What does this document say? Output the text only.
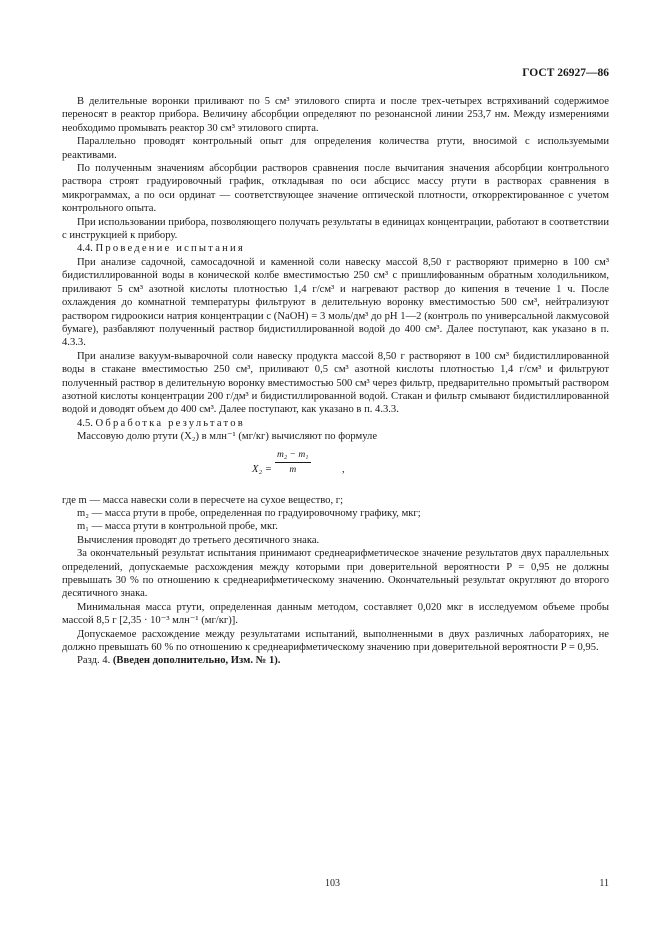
ГОСТ 26927—86

В делительные воронки приливают по 5 см³ этилового спирта и после трех-четырех встряхиваний содержимое переносят в реактор прибора. Величину абсорбции определяют по резонансной линии 253,7 нм. Между измерениями необходимо промывать реактор 30 см³ этилового спирта.

Параллельно проводят контрольный опыт для определения количества ртути, вносимой с используемыми реактивами.

По полученным значениям абсорбции растворов сравнения после вычитания значения абсорбции контрольного раствора строят градуировочный график, откладывая по оси абсцисс массу ртути в растворах сравнения в микрограммах, а по оси ординат — соответствующее значение оптической плотности, откорректированное с учетом контрольного опыта.

При использовании прибора, позволяющего получать результаты в единицах концентрации, работают в соответствии с инструкцией к прибору.

4.4. Проведение испытания

При анализе садочной, самосадочной и каменной соли навеску массой 8,50 г растворяют примерно в 100 см³ бидистиллированной воды в конической колбе вместимостью 250 см³ с пришлифованным обратным холодильником, приливают 5 см³ азотной кислоты плотностью 1,4 г/см³ и нагревают раствор до кипения в течение 1 ч. После охлаждения до комнатной температуры фильтруют в делительную воронку вместимостью 500 см³, нейтрализуют раствором гидроокиси натрия концентрации с (NaOH) = 3 моль/дм³ до pH 1—2 (контроль по универсальной лакмусовой бумаге), разбавляют полученный раствор бидистиллированной водой до 400 см³. Далее поступают, как указано в п. 4.3.3.

При анализе вакуум-выварочной соли навеску продукта массой 8,50 г растворяют в 100 см³ бидистиллированной воды в стакане вместимостью 250 см³, приливают 0,5 см³ азотной кислоты плотностью 1,4 г/см³ и фильтруют полученный раствор в делительную воронку вместимостью 500 см³ через фильтр, предварительно промытый раствором азотной кислоты концентрации 200 г/дм³ и бидистиллированной водой. Стакан и фильтр смывают бидистиллированной водой и доводят объем до 400 см³. Далее поступают, как указано в п. 4.3.3.

4.5. Обработка результатов

Массовую долю ртути (X₂) в млн⁻¹ (мг/кг) вычисляют по формуле

$X_2 = \frac{\text{m₂ − m₁}}{m}$	,

где m — масса навески соли в пересчете на сухое вещество, г;

m₂ — масса ртути в пробе, определенная по градуировочному графику, мкг;

m₁ — масса ртути в контрольной пробе, мкг.

Вычисления проводят до третьего десятичного знака.

За окончательный результат испытания принимают среднеарифметическое значение результатов двух параллельных определений, допускаемые расхождения между которыми при доверительной вероятности P = 0,95 не должны превышать 30 % по отношению к среднеарифметическому значению. Окончательный результат округляют до второго десятичного знака.

Минимальная масса ртути, определенная данным методом, составляет 0,020 мкг в исследуемом объеме пробы массой 8,5 г [2,35 · 10⁻³ млн⁻¹ (мг/кг)].

Допускаемое расхождение между результатами испытаний, выполненными в двух различных лабораториях, не должно превышать 60 % по отношению к среднеарифметическому значению при доверительной вероятности P = 0,95.

Разд. 4. (Введен дополнительно, Изм. № 1).

103	11
